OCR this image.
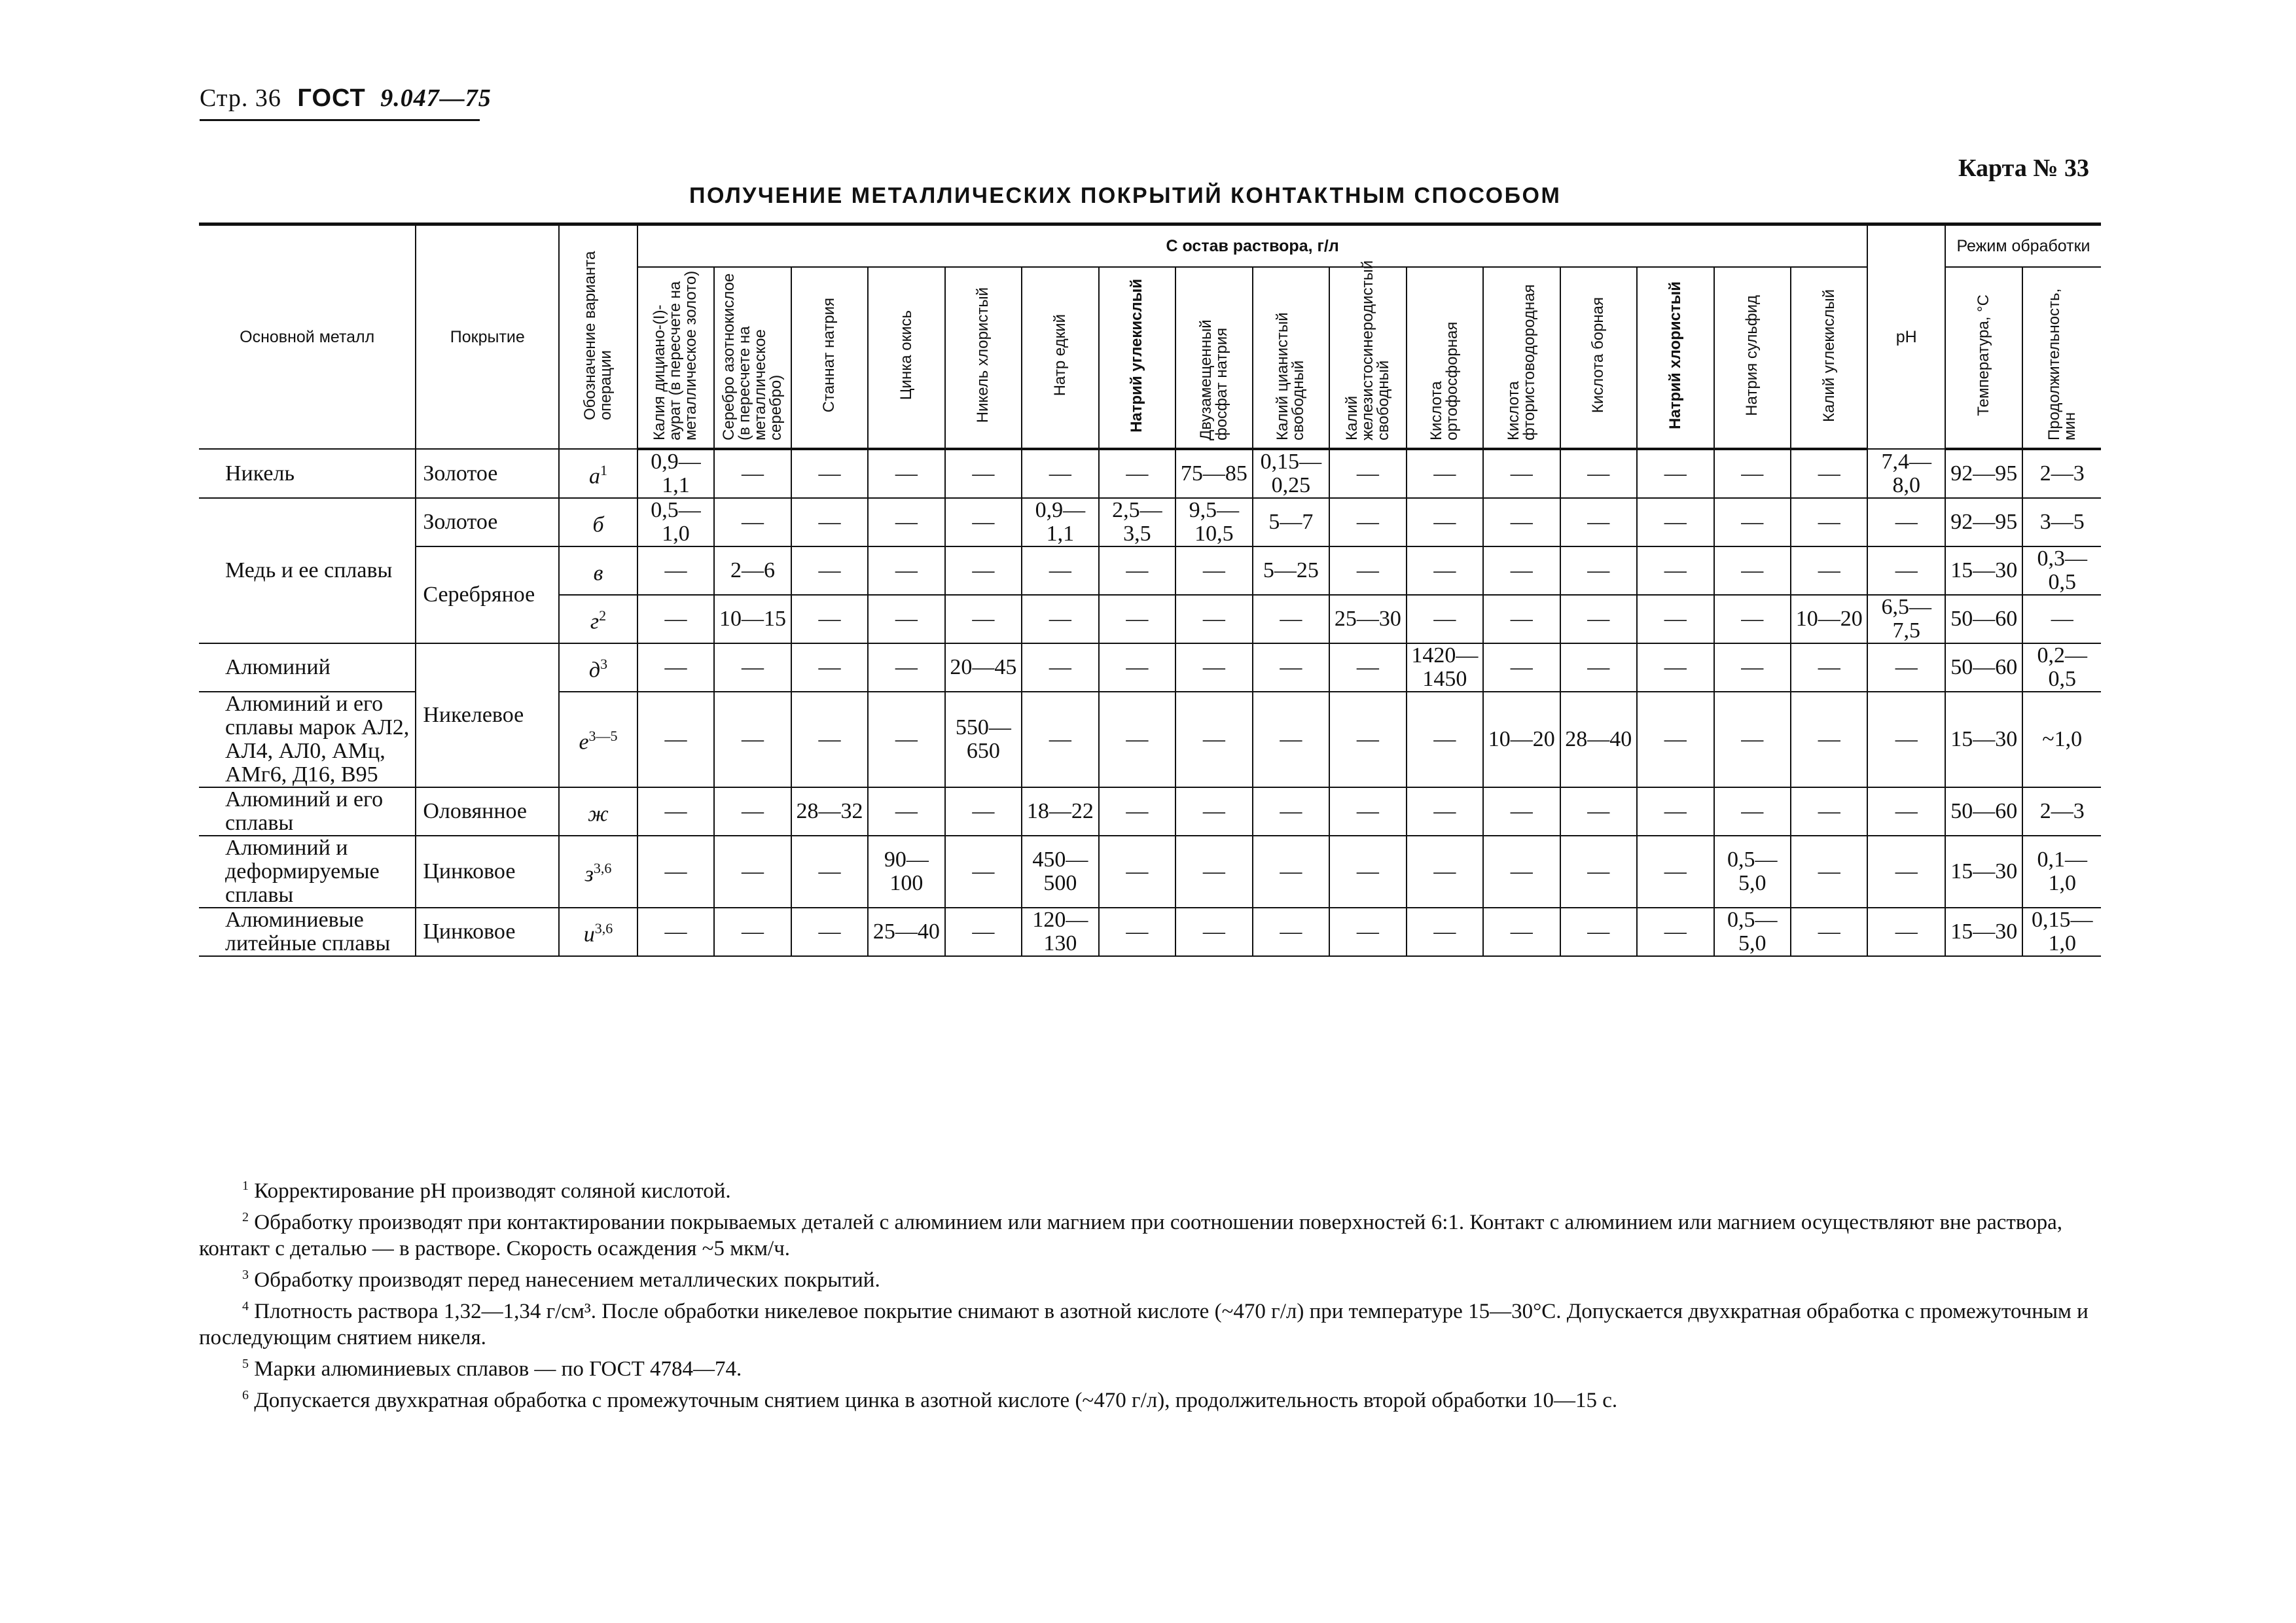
Стр. 36 ГОСТ 9.047—75
Карта № 33
ПОЛУЧЕНИЕ МЕТАЛЛИЧЕСКИХ ПОКРЫТИЙ КОНТАКТНЫМ СПОСОБОМ
Основной металл	Покрытие	Обозначение варианта операции	С остав раствора, г/л																рН	Режим обработки	
			Калия дициано-(I)-аурат (в пересчете на металлическое золото)	Серебро азотнокислое (в пересчете на металлическое серебро)	Станнат натрия	Цинка окись	Никель хлористый	Натр едкий	Натрий углекислый	Двузамещенный фосфат натрия	Калий цианистый свободный	Калий железистосинеродистый свободный	Кислота ортофосфорная	Кислота фтористоводородная	Кислота борная	Натрий хлористый	Натрия сульфид	Калий углекислый		Температура, °С	Продолжительность, мин
Никель	Золотое	$а^1$	0,9—1,1	—	—	—	—	—	—	75—85	0,15—0,25	—	—	—	—	—	—	—	7,4—8,0	92—95	2—3
Медь и ее сплавы	Золотое	б	0,5—1,0	—	—	—	—	0,9—1,1	2,5—3,5	9,5—10,5	5—7	—	—	—	—	—	—	—	—	92—95	3—5
	Серебряное	в	—	2—6	—	—	—	—	—	—	5—25	—	—	—	—	—	—	—	—	15—30	0,3—0,5
		$г^2$	—	10—15	—	—	—	—	—	—	—	25—30	—	—	—	—	—	10—20	6,5—7,5	50—60	—
Алюминий	Никелевое	$д^3$	—	—	—	—	20—45	—	—	—	—	—	1420—1450	—	—	—	—	—	—	50—60	0,2—0,5
Алюминий и его сплавы марок АЛ2, АЛ4, АЛ0, АМц, АМг6, Д16, В95		$е^{3—5}$	—	—	—	—	550—650	—	—	—	—	—	—	10—20	28—40	—	—	—	—	15—30	~1,0
Алюминий и его сплавы	Оловянное	ж	—	—	28—32	—	—	18—22	—	—	—	—	—	—	—	—	—	—	—	50—60	2—3
Алюминий и деформируемые сплавы	Цинковое	$з^{3,6}$	—	—	—	90—100	—	450—500	—	—	—	—	—	—	—	—	0,5—5,0	—	—	15—30	0,1—1,0
Алюминиевые литейные сплавы	Цинковое	$и^{3,6}$	—	—	—	25—40	—	120—130	—	—	—	—	—	—	—	—	0,5—5,0	—	—	15—30	0,15—1,0

$^1$ Корректирование рН производят соляной кислотой.

$^2$ Обработку производят при контактировании покрываемых деталей с алюминием или магнием при соотношении поверхностей 6:1. Контакт с алюминием или магнием осуществляют вне раствора, контакт с деталью — в растворе. Скорость осаждения ~5 мкм/ч.

$^3$ Обработку производят перед нанесением металлических покрытий.

$^4$ Плотность раствора 1,32—1,34 г/см³. После обработки никелевое покрытие снимают в азотной кислоте (~470 г/л) при температуре 15—30°С. Допускается двухкратная обработка с промежуточным и последующим снятием никеля.

$^5$ Марки алюминиевых сплавов — по ГОСТ 4784—74.

$^6$ Допускается двухкратная обработка с промежуточным снятием цинка в азотной кислоте (~470 г/л), продолжительность второй обработки 10—15 с.
